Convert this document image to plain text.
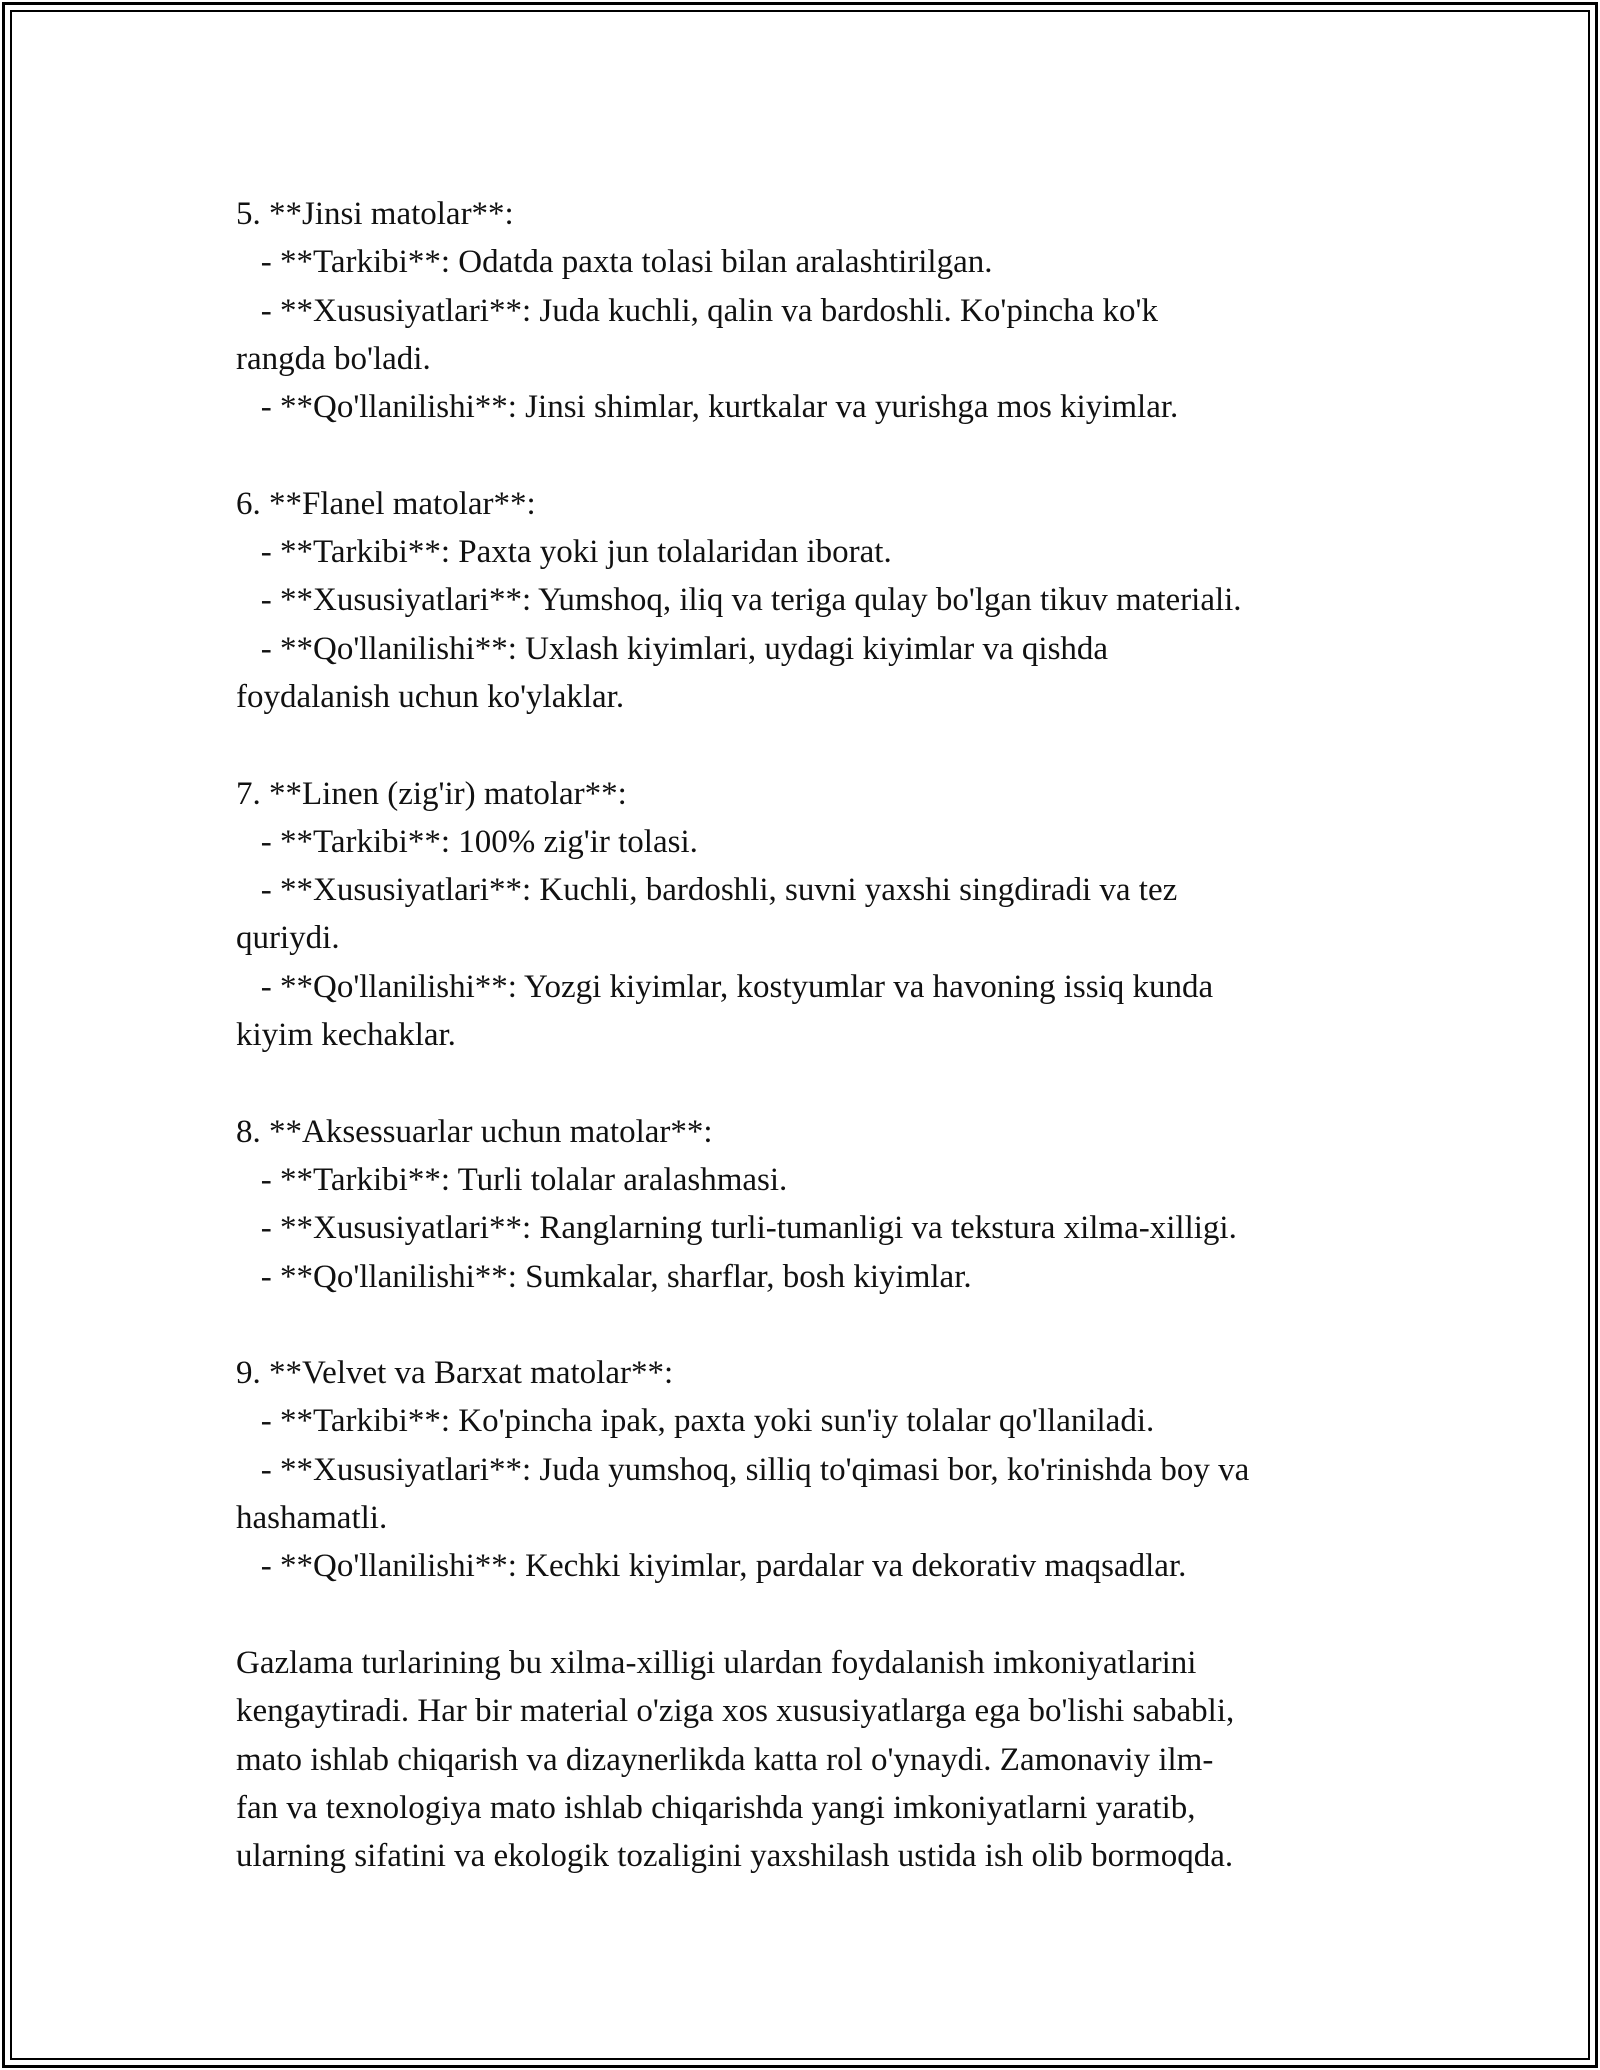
5. **Jinsi matolar**:

- **Tarkibi**: Odatda paxta tolasi bilan aralashtirilgan.

- **Xususiyatlari**: Juda kuchli, qalin va bardoshli. Ko'pincha ko'k

rangda bo'ladi.

- **Qo'llanilishi**: Jinsi shimlar, kurtkalar va yurishga mos kiyimlar.

6. **Flanel matolar**:

- **Tarkibi**: Paxta yoki jun tolalaridan iborat.

- **Xususiyatlari**: Yumshoq, iliq va teriga qulay bo'lgan tikuv materiali.

- **Qo'llanilishi**: Uxlash kiyimlari, uydagi kiyimlar va qishda

foydalanish uchun ko'ylaklar.

7. **Linen (zig'ir) matolar**:

- **Tarkibi**: 100% zig'ir tolasi.

- **Xususiyatlari**: Kuchli, bardoshli, suvni yaxshi singdiradi va tez

quriydi.

- **Qo'llanilishi**: Yozgi kiyimlar, kostyumlar va havoning issiq kunda

kiyim kechaklar.

8. **Aksessuarlar uchun matolar**:

- **Tarkibi**: Turli tolalar aralashmasi.

- **Xususiyatlari**: Ranglarning turli-tumanligi va tekstura xilma-xilligi.

- **Qo'llanilishi**: Sumkalar, sharflar, bosh kiyimlar.

9. **Velvet va Barxat matolar**:

- **Tarkibi**: Ko'pincha ipak, paxta yoki sun'iy tolalar qo'llaniladi.

- **Xususiyatlari**: Juda yumshoq, silliq to'qimasi bor, ko'rinishda boy va

hashamatli.

- **Qo'llanilishi**: Kechki kiyimlar, pardalar va dekorativ maqsadlar.

Gazlama turlarining bu xilma-xilligi ulardan foydalanish imkoniyatlarini

kengaytiradi. Har bir material o'ziga xos xususiyatlarga ega bo'lishi sababli,

mato ishlab chiqarish va dizaynerlikda katta rol o'ynaydi. Zamonaviy ilm-

fan va texnologiya mato ishlab chiqarishda yangi imkoniyatlarni yaratib,

ularning sifatini va ekologik tozaligini yaxshilash ustida ish olib bormoqda.
